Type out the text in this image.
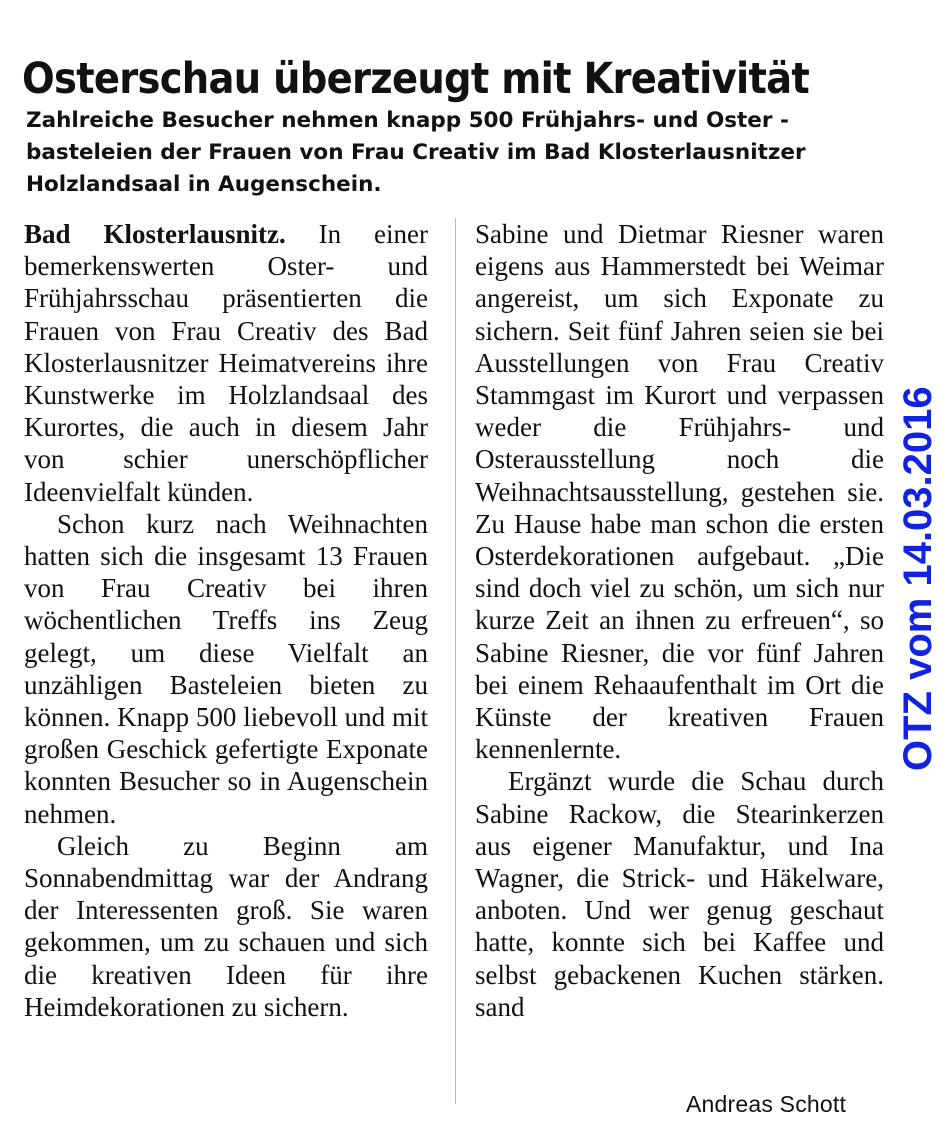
Osterschau überzeugt mit Kreativität
Zahlreiche Besucher nehmen knapp 500 Frühjahrs- und Oster -
basteleien der Frauen von Frau Creativ im Bad Klosterlausnitzer
Holzlandsaal in Augenschein.

Bad Klosterlausnitz. In einer bemerkenswerten Oster- und Frühjahrsschau präsentierten die Frauen von Frau Creativ des Bad Klosterlausnitzer Heimatvereins ihre Kunstwerke im Holzlandsaal des Kurortes, die auch in diesem Jahr von schier unerschöpflicher Ideenvielfalt künden.

Schon kurz nach Weihnachten hatten sich die insgesamt 13 Frauen von Frau Creativ bei ihren wöchentlichen Treffs ins Zeug gelegt, um diese Vielfalt an unzähligen Basteleien bieten zu können. Knapp 500 liebevoll und mit großen Geschick gefertigte Exponate konnten Besucher so in Augenschein nehmen.

Gleich zu Beginn am Sonnabendmittag war der Andrang der Interessenten groß. Sie waren gekommen, um zu schauen und sich die kreativen Ideen für ihre Heimdekorationen zu sichern.

Sabine und Dietmar Riesner waren eigens aus Hammerstedt bei Weimar angereist, um sich Exponate zu sichern. Seit fünf Jahren seien sie bei Ausstellungen von Frau Creativ Stammgast im Kurort und verpassen weder die Frühjahrs- und Osterausstellung noch die Weihnachtsausstellung, gestehen sie. Zu Hause habe man schon die ersten Osterdekorationen aufgebaut. „Die sind doch viel zu schön, um sich nur kurze Zeit an ihnen zu erfreuen“, so Sabine Riesner, die vor fünf Jahren bei einem Rehaaufenthalt im Ort die Künste der kreativen Frauen kennenlernte.

Ergänzt wurde die Schau durch Sabine Rackow, die Stearinkerzen aus eigener Manufaktur, und Ina Wagner, die Strick- und Häkelware, anboten. Und wer genug geschaut hatte, konnte sich bei Kaffee und selbst gebackenen Kuchen stärken. sand

Andreas Schott
OTZ vom 14.03.2016
